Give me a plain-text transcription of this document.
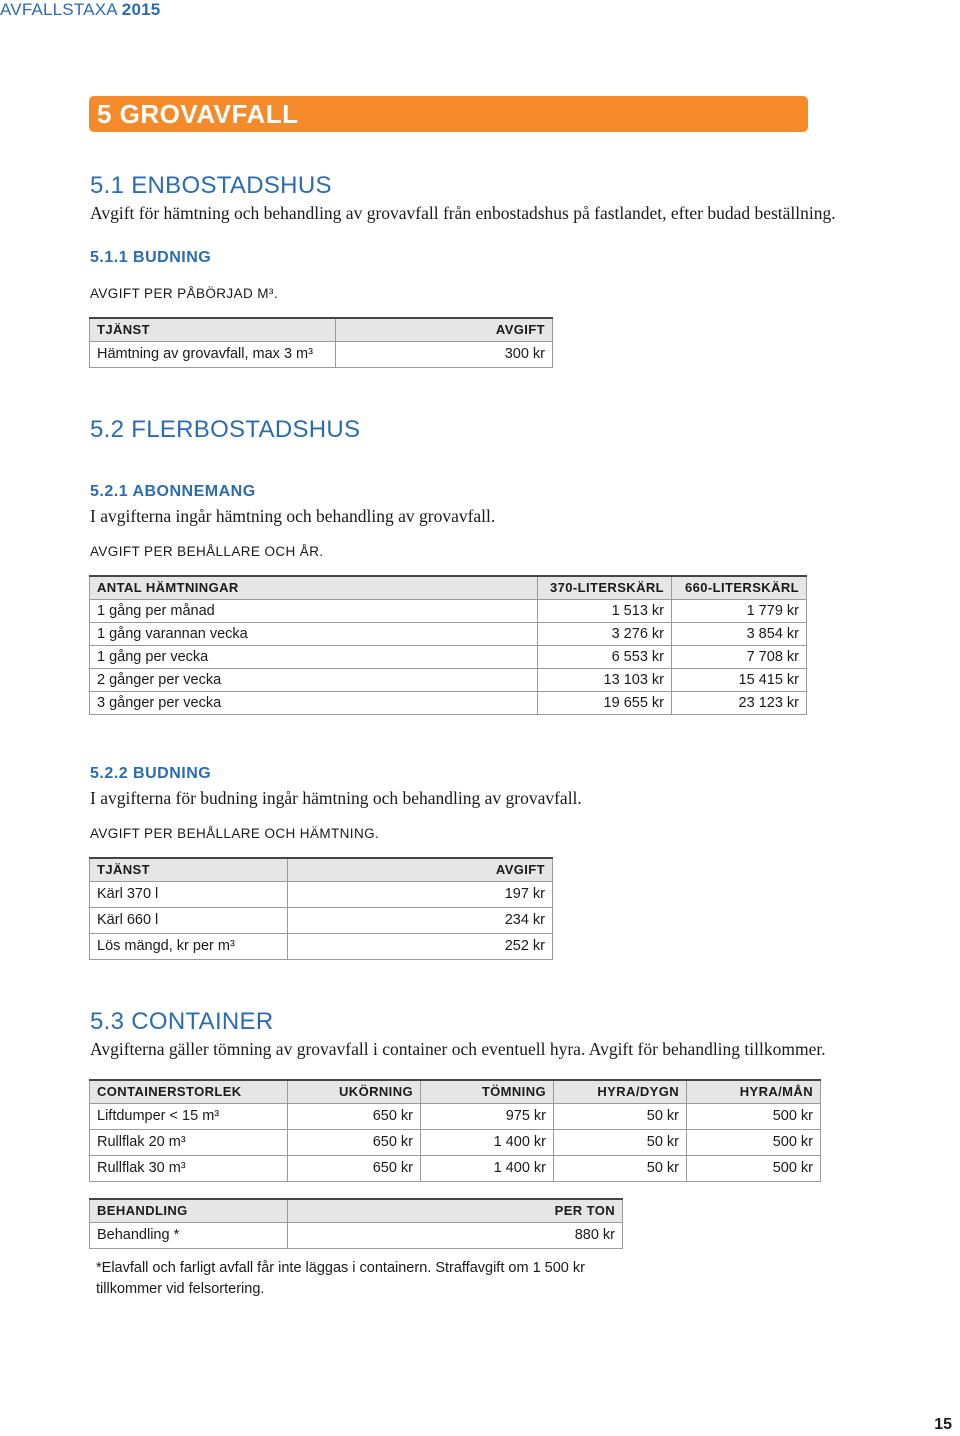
AVFALLSTAXA 2015
5 GROVAVFALL
5.1 ENBOSTADSHUS
Avgift för hämtning och behandling av grovavfall från enbostadshus på fastlandet, efter budad beställning.
5.1.1 BUDNING
AVGIFT PER PÅBÖRJAD M³.
TJÄNST	AVGIFT
Hämtning av grovavfall, max 3 m³	300 kr
5.2 FLERBOSTADSHUS
5.2.1 ABONNEMANG
I avgifterna ingår hämtning och behandling av grovavfall.
AVGIFT PER BEHÅLLARE OCH ÅR.
ANTAL HÄMTNINGAR	370-LITERSKÄRL	660-LITERSKÄRL
1 gång per månad	1 513 kr	1 779 kr
1 gång varannan vecka	3 276 kr	3 854 kr
1 gång per vecka	6 553 kr	7 708 kr
2 gånger per vecka	13 103 kr	15 415 kr
3 gånger per vecka	19 655 kr	23 123 kr
5.2.2 BUDNING
I avgifterna för budning ingår hämtning och behandling av grovavfall.
AVGIFT PER BEHÅLLARE OCH HÄMTNING.
TJÄNST	AVGIFT
Kärl 370 l	197 kr
Kärl 660 l	234 kr
Lös mängd, kr per m³	252 kr
5.3 CONTAINER
Avgifterna gäller tömning av grovavfall i container och eventuell hyra. Avgift för behandling tillkommer.
CONTAINERSTORLEK	UKÖRNING	TÖMNING	HYRA/DYGN	HYRA/MÅN
Liftdumper < 15 m³	650 kr	975 kr	50 kr	500 kr
Rullflak 20 m³	650 kr	1 400 kr	50 kr	500 kr
Rullflak 30 m³	650 kr	1 400 kr	50 kr	500 kr
BEHANDLING	PER TON
Behandling *	880 kr
*Elavfall och farligt avfall får inte läggas i containern. Straffavgift om 1 500 kr tillkommer vid felsortering.
15
